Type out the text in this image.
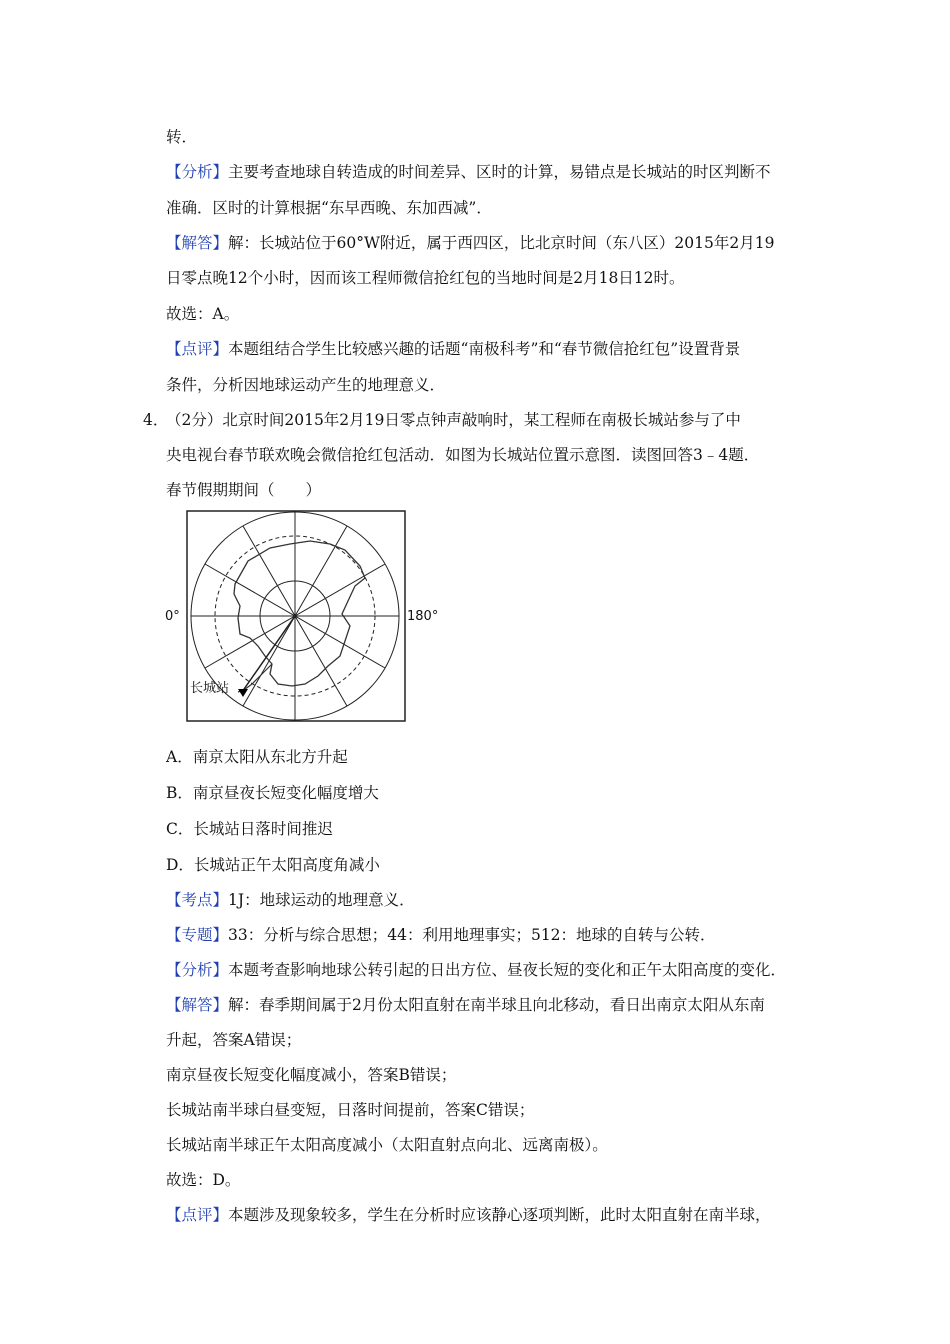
转．
【分析】主要考查地球自转造成的时间差异、区时的计算，易错点是长城站的时区判断不
准确．区时的计算根据“东早西晚、东加西减”．
【解答】解：长城站位于60°W附近，属于西四区，比北京时间（东八区）2015年2月19
日零点晚12个小时，因而该工程师微信抢红包的当地时间是2月18日12时。
故选：A。
【点评】本题组结合学生比较感兴趣的话题“南极科考”和“春节微信抢红包”设置背景
条件，分析因地球运动产生的地理意义．
4．
（2分）北京时间2015年2月19日零点钟声敲响时，某工程师在南极长城站参与了中
央电视台春节联欢晚会微信抢红包活动．如图为长城站位置示意图．读图回答3﹣4题．
春节假期期间（　　）
0°	180°
长城站
A．南京太阳从东北方升起
B．南京昼夜长短变化幅度增大
C．长城站日落时间推迟
D．长城站正午太阳高度角减小
【考点】1J：地球运动的地理意义．
【专题】33：分析与综合思想；44：利用地理事实；512：地球的自转与公转．
【分析】本题考查影响地球公转引起的日出方位、昼夜长短的变化和正午太阳高度的变化．
【解答】解：春季期间属于2月份太阳直射在南半球且向北移动，看日出南京太阳从东南
升起，答案A错误；
南京昼夜长短变化幅度减小，答案B错误；
长城站南半球白昼变短，日落时间提前，答案C错误；
长城站南半球正午太阳高度减小（太阳直射点向北、远离南极）。
故选：D。
【点评】本题涉及现象较多，学生在分析时应该静心逐项判断，此时太阳直射在南半球，
